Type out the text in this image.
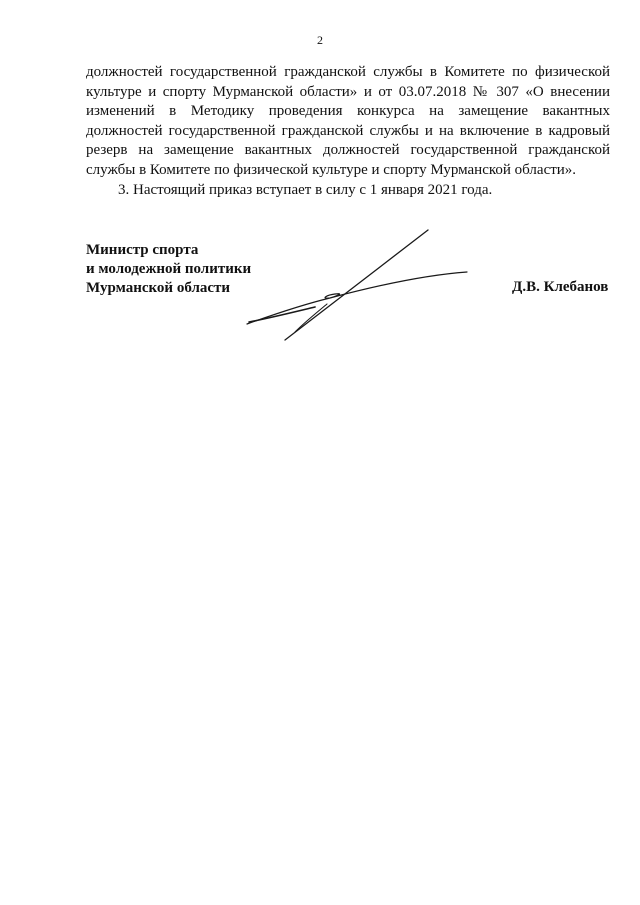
2

должностей государственной гражданской службы в Комитете по физической культуре и спорту Мурманской области» и от 03.07.2018 № 307 «О внесении изменений в Методику проведения конкурса на замещение вакантных должностей государственной гражданской службы и на включение в кадровый резерв на замещение вакантных должностей государственной гражданской службы в Комитете по физической культуре и спорту Мурманской области».

3. Настоящий приказ вступает в силу с 1 января 2021 года.

Министр спорта
и молодежной политики
Мурманской области	Д.В. Клебанов
